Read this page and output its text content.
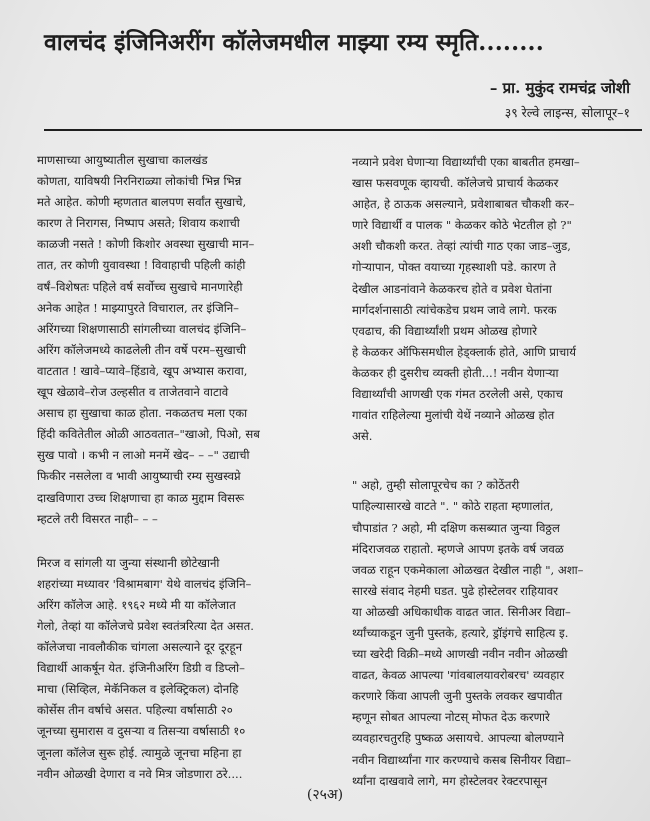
वालचंद इंजिनिअरींग कॉलेजमधील माझ्या रम्य स्मृति........
– प्रा. मुकुंद रामचंद्र जोशी
३९ रेल्वे लाइन्स, सोलापूर–१

माणसाच्या आयुष्यातील सुखाचा कालखंड
कोणता, याविषयी निरनिराळ्या लोकांची भिन्न भिन्न
मते आहेत. कोणी म्हणतात बालपण सर्वांत सुखाचे,
कारण ते निरागस, निष्पाप असते; शिवाय कशाची
काळजी नसते ! कोणी किशोर अवस्था सुखाची मान–
तात, तर कोणी युवावस्था ! विवाहाची पहिली कांही
वर्षं–विशेषतः पहिले वर्ष सर्वोच्च सुखाचे मानणारेही
अनेक आहेत ! माझ्यापुरते विचाराल, तर इंजिनि–
अरिंगच्या शिक्षणासाठी सांगलीच्या वालचंद इंजिनि–
अरिंग कॉलेजमध्ये काढलेली तीन वर्षे परम–सुखाची
वाटतात ! खावे–प्यावे–हिंडावे, खूप अभ्यास करावा,
खूप खेळावे–रोज उल्हसीत व ताजेतवाने वाटावे
असाच हा सुखाचा काळ होता. नकळतच मला एका
हिंदी कवितेतील ओळी आठवतात–"खाओ, पिओ, सब
सुख पावो । कभी न लाओ मनमें खेद– – –" उद्याची
फिकीर नसलेला व भावी आयुष्याची रम्य सुखस्वप्ने
दाखविणारा उच्च शिक्षणाचा हा काळ मुद्दाम विसरू
म्हटले तरी विसरत नाही– – –

मिरज व सांगली या जुन्या संस्थानी छोटेखानी
शहरांच्या मध्यावर 'विश्रामबाग' येथे वालचंद इंजिनि–
अरिंग कॉलेज आहे. १९६२ मध्ये मी या कॉलेजात
गेलो, तेव्हां या कॉलेजचे प्रवेश स्वतंत्ररित्या देत असत.
कॉलेजचा नावलौकीक चांगला असल्याने दूर दूरहून
विद्यार्थी आकर्षून येत. इंजिनीअरिंग डिग्री व डिप्लो–
माचा (सिव्हिल, मेकॅनिकल व इलेक्ट्रिकल) दोनहि
कोर्सेस तीन वर्षाचे असत. पहिल्या वर्षासाठी २०
जूनच्या सुमारास व दुसऱ्या व तिसऱ्या वर्षासाठी १०
जूनला कॉलेज सुरू होई. त्यामुळे जूनचा महिना हा
नवीन ओळखी देणारा व नवे मित्र जोडणारा ठरे....

नव्याने प्रवेश घेणाऱ्या विद्यार्थ्यांची एका बाबतीत हमखा–
खास फसवणूक व्हायची. कॉलेजचे प्राचार्य केळकर
आहेत, हे ठाऊक असल्याने, प्रवेशाबाबत चौकशी कर–
णारे विद्यार्थी व पालक " केळकर कोठे भेटतील हो ?"
अशी चौकशी करत. तेव्हां त्यांची गाठ एका जाड–जुड,
गोऱ्यापान, पोक्त वयाच्या गृहस्थाशी पडे. कारण ते
देखील आडनांवाने केळकरच होते व प्रवेश घेतांना
मार्गदर्शनासाठी त्यांचेकडेच प्रथम जावे लागे. फरक
एवढाच, की विद्यार्थ्यांशी प्रथम ओळख होणारे
हे केळकर ऑफिसमधील हेड्क्लार्क होते, आणि प्राचार्य
केळकर ही दुसरीच व्यक्ती होती...! नवीन येणाऱ्या
विद्यार्थ्यांची आणखी एक गंमत ठरलेली असे, एकाच
गावांत राहिलेल्या मुलांची येथें नव्याने ओळख होत
असे.

" अहो, तुम्ही सोलापूरचेच का ? कोठेंतरी
पाहिल्यासारखे वाटते ". " कोठे राहता म्हणालांत,
चौपाडांत ? अहो, मी दक्षिण कसब्यात जुन्या विठ्ठल
मंदिराजवळ राहातो. म्हणजे आपण इतके वर्ष जवळ
जवळ राहून एकमेकाला ओळखत देखील नाही ", अशा–
सारखे संवाद नेहमी घडत. पुढे होस्टेलवर राहियावर
या ओळखी अधिकाधीक वाढत जात. सिनीअर विद्या–
र्थ्यांच्याकडून जुनी पुस्तके, हत्यारे, ड्रॉइंगचे साहित्य इ.
च्या खरेदी विक्री–मध्ये आणखी नवीन नवीन ओळखी
वाढत, केवळ आपल्या 'गांवबालयावरोबरच' व्यवहार
करणारे किंवा आपली जुनी पुस्तके लवकर खपावीत
म्हणून सोबत आपल्या नोटस् मोफत देऊ करणारे
व्यवहारचतुरहि पुष्कळ असायचे. आपल्या बोलण्याने
नवीन विद्यार्थ्यांना गार करण्याचे कसब सिनीयर विद्या–
र्थ्यांना दाखवावे लागे, मग होस्टेलवर रेक्टरपासून

(२५अ)
